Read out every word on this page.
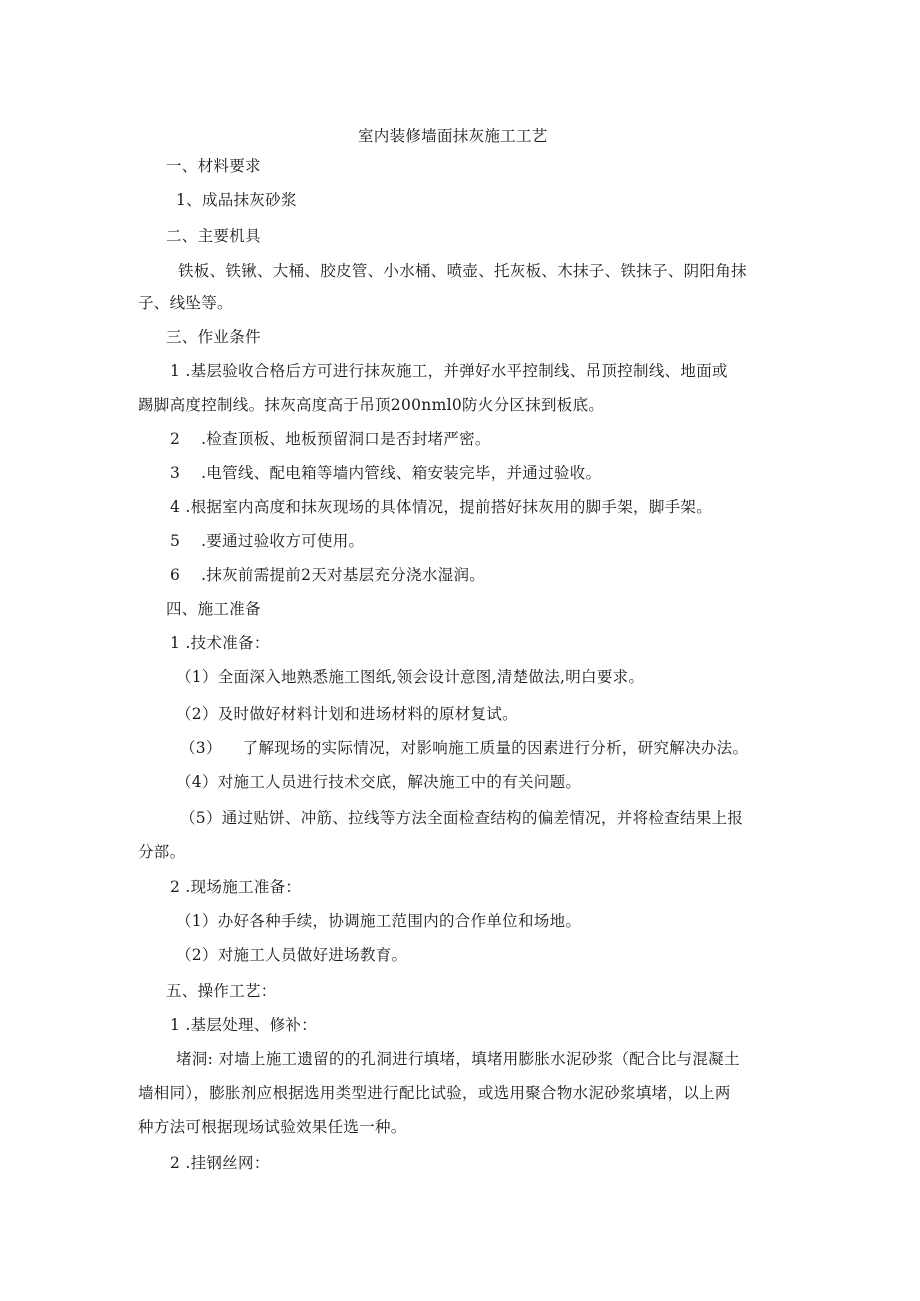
室内装修墙面抹灰施工工艺
一、材料要求
1、成品抹灰砂浆
二、主要机具
铁板、铁锹、大桶、胶皮管、小水桶、喷壶、托灰板、木抹子、铁抹子、阴阳角抹
子、线坠等。
三、作业条件
1 .基层验收合格后方可进行抹灰施工，并弹好水平控制线、吊顶控制线、地面或
踢脚高度控制线。抹灰高度高于吊顶200nml0防火分区抹到板底。
2    .检查顶板、地板预留洞口是否封堵严密。
3    .电管线、配电箱等墙内管线、箱安装完毕，并通过验收。
4 .根据室内高度和抹灰现场的具体情况，提前搭好抹灰用的脚手架，脚手架。
5    .要通过验收方可使用。
6    .抹灰前需提前2天对基层充分浇水湿润。
四、施工准备
1 .技术准备：
（1）全面深入地熟悉施工图纸,领会设计意图,清楚做法,明白要求。
（2）及时做好材料计划和进场材料的原材复试。
（3）    了解现场的实际情况，对影响施工质量的因素进行分析，研究解决办法。
（4）对施工人员进行技术交底，解决施工中的有关问题。
（5）通过贴饼、冲筋、拉线等方法全面检查结构的偏差情况，并将检查结果上报
分部。
2 .现场施工准备：
（1）办好各种手续，协调施工范围内的合作单位和场地。
（2）对施工人员做好进场教育。
五、操作工艺：
1 .基层处理、修补：
堵洞: 对墙上施工遗留的的孔洞进行填堵，填堵用膨胀水泥砂浆（配合比与混凝土
墙相同），膨胀剂应根据选用类型进行配比试验，或选用聚合物水泥砂浆填堵，以上两
种方法可根据现场试验效果任选一种。
2 .挂钢丝网：
